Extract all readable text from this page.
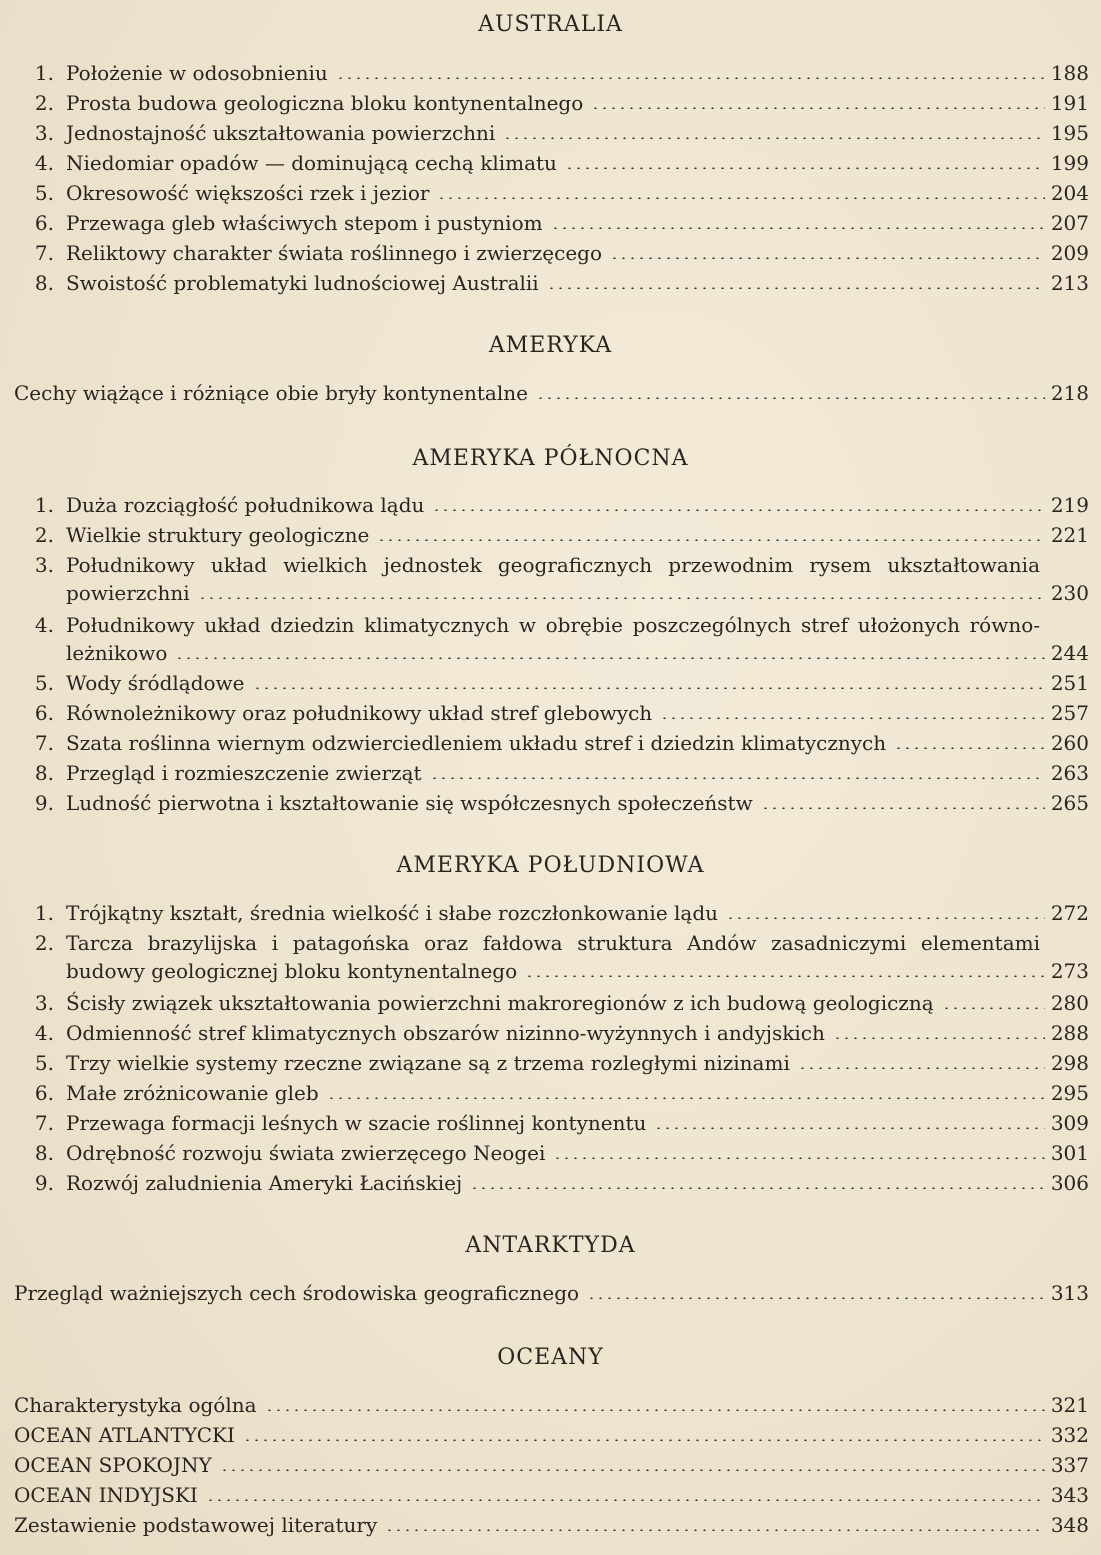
AUSTRALIA
1. Położenie w odosobnieniu	188
2. Prosta budowa geologiczna bloku kontynentalnego	191
3. Jednostajność ukształtowania powierzchni	195
4. Niedomiar opadów — dominującą cechą klimatu	199
5. Okresowość większości rzek i jezior	204
6. Przewaga gleb właściwych stepom i pustyniom	207
7. Reliktowy charakter świata roślinnego i zwierzęcego	209
8. Swoistość problematyki ludnościowej Australii	213
AMERYKA
Cechy wiążące i różniące obie bryły kontynentalne	218
AMERYKA PÓŁNOCNA
1. Duża rozciągłość południkowa lądu	219
2. Wielkie struktury geologiczne	221
3. Południkowy układ wielkich jednostek geograficznych przewodnim rysem ukształtowania
powierzchni	230
4. Południkowy układ dziedzin klimatycznych w obrębie poszczególnych stref ułożonych równo-
leżnikowo	244
5. Wody śródlądowe	251
6. Równoleżnikowy oraz południkowy układ stref glebowych	257
7. Szata roślinna wiernym odzwierciedleniem układu stref i dziedzin klimatycznych	260
8. Przegląd i rozmieszczenie zwierząt	263
9. Ludność pierwotna i kształtowanie się współczesnych społeczeństw	265
AMERYKA POŁUDNIOWA
1. Trójkątny kształt, średnia wielkość i słabe rozczłonkowanie lądu	272
2. Tarcza brazylijska i patagońska oraz fałdowa struktura Andów zasadniczymi elementami
budowy geologicznej bloku kontynentalnego	273
3. Ścisły związek ukształtowania powierzchni makroregionów z ich budową geologiczną	280
4. Odmienność stref klimatycznych obszarów nizinno-wyżynnych i andyjskich	288
5. Trzy wielkie systemy rzeczne związane są z trzema rozległymi nizinami	298
6. Małe zróżnicowanie gleb	295
7. Przewaga formacji leśnych w szacie roślinnej kontynentu	309
8. Odrębność rozwoju świata zwierzęcego Neogei	301
9. Rozwój zaludnienia Ameryki Łacińskiej	306
ANTARKTYDA
Przegląd ważniejszych cech środowiska geograficznego	313
OCEANY
Charakterystyka ogólna	321
OCEAN ATLANTYCKI	332
OCEAN SPOKOJNY	337
OCEAN INDYJSKI	343
Zestawienie podstawowej literatury	348
